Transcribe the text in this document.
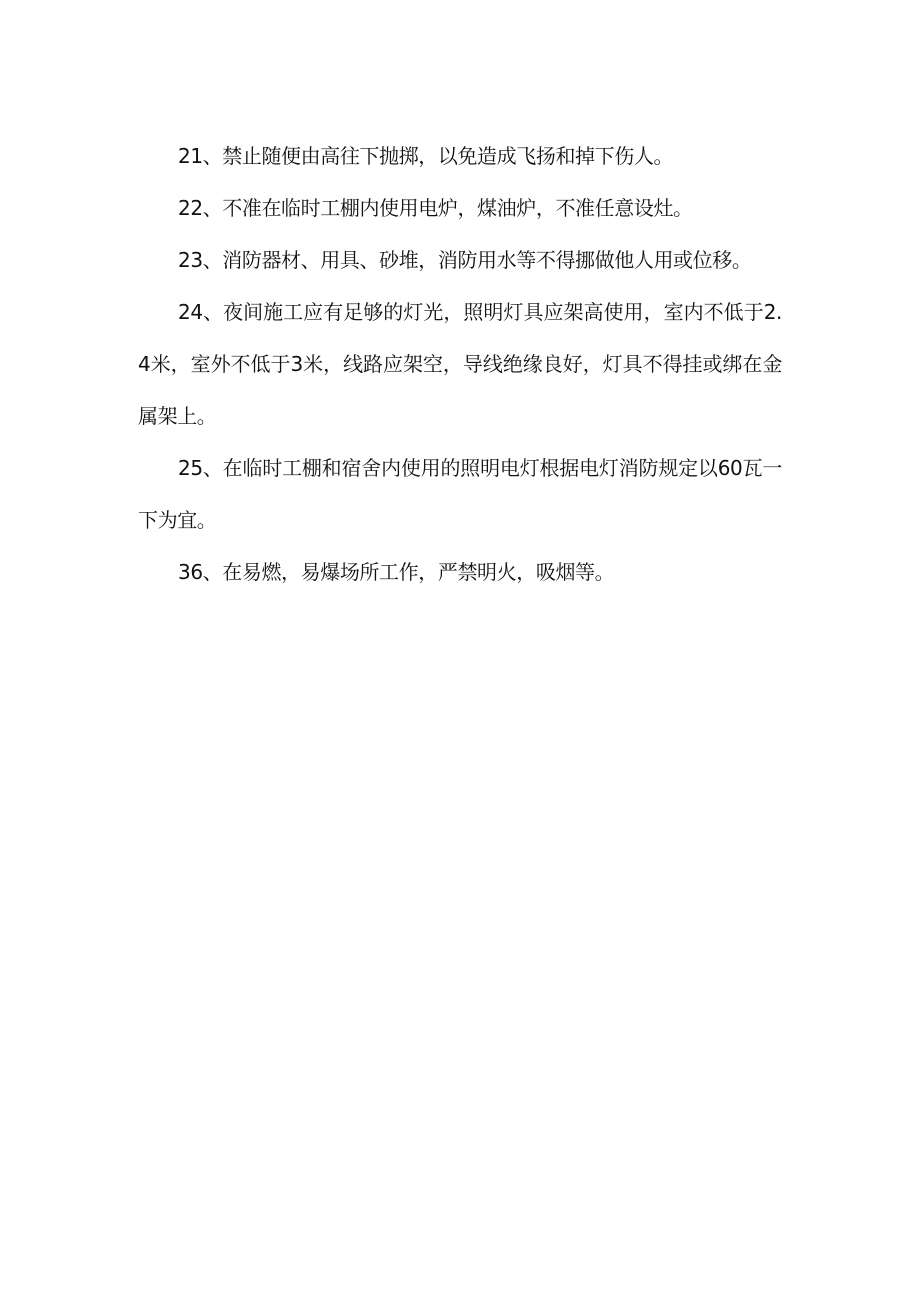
21、禁止随便由高往下抛掷，以免造成飞扬和掉下伤人。

22、不准在临时工棚内使用电炉，煤油炉，不准任意设灶。

23、消防器材、用具、砂堆，消防用水等不得挪做他人用或位移。

24、夜间施工应有足够的灯光，照明灯具应架高使用，室内不低于2.4米，室外不低于3米，线路应架空，导线绝缘良好，灯具不得挂或绑在金属架上。

25、在临时工棚和宿舍内使用的照明电灯根据电灯消防规定以60瓦一下为宜。

36、在易燃，易爆场所工作，严禁明火，吸烟等。
